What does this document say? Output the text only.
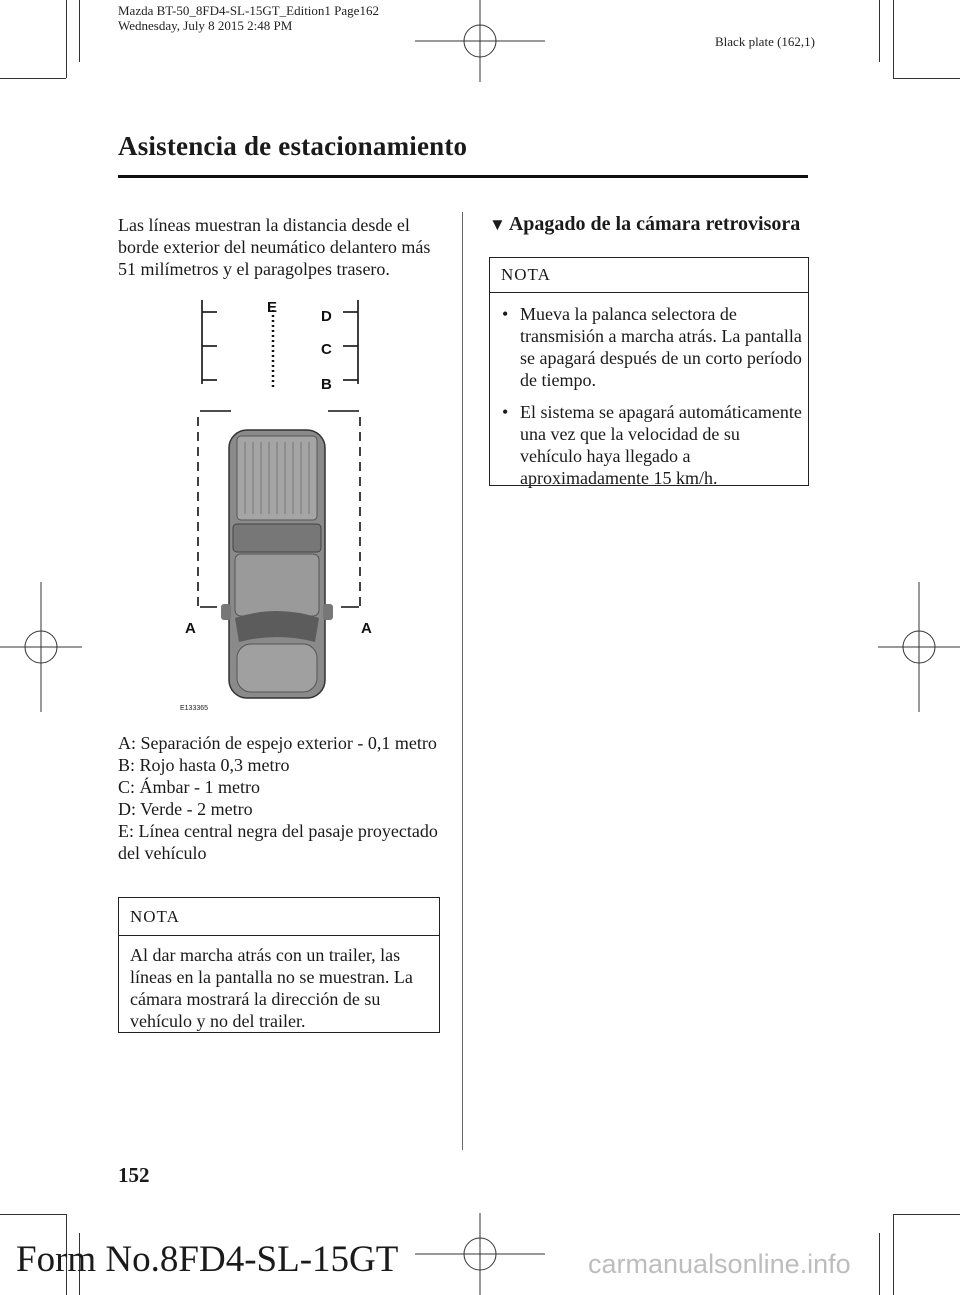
Mazda BT-50_8FD4-SL-15GT_Edition1 Page162
Wednesday, July 8 2015 2:48 PM
Black plate (162,1)
Asistencia de estacionamiento
Las líneas muestran la distancia desde el borde exterior del neumático delantero más 51 milímetros y el paragolpes trasero.
E
D
C
B
A	A
E133365

A: Separación de espejo exterior - 0,1 metro

B: Rojo hasta 0,3 metro

C: Ámbar - 1 metro

D: Verde - 2 metro

E: Línea central negra del pasaje proyectado del vehículo

NOTA
Al dar marcha atrás con un trailer, las líneas en la pantalla no se muestran. La cámara mostrará la dirección de su vehículo y no del trailer.
▼ Apagado de la cámara retrovisora
NOTA
• Mueva la palanca selectora de transmisión a marcha atrás. La pantalla se apagará después de un corto período de tiempo.
• El sistema se apagará automáticamente una vez que la velocidad de su vehículo haya llegado a aproximadamente 15 km/h.
152
Form No.8FD4-SL-15GT	carmanualsonline.info
